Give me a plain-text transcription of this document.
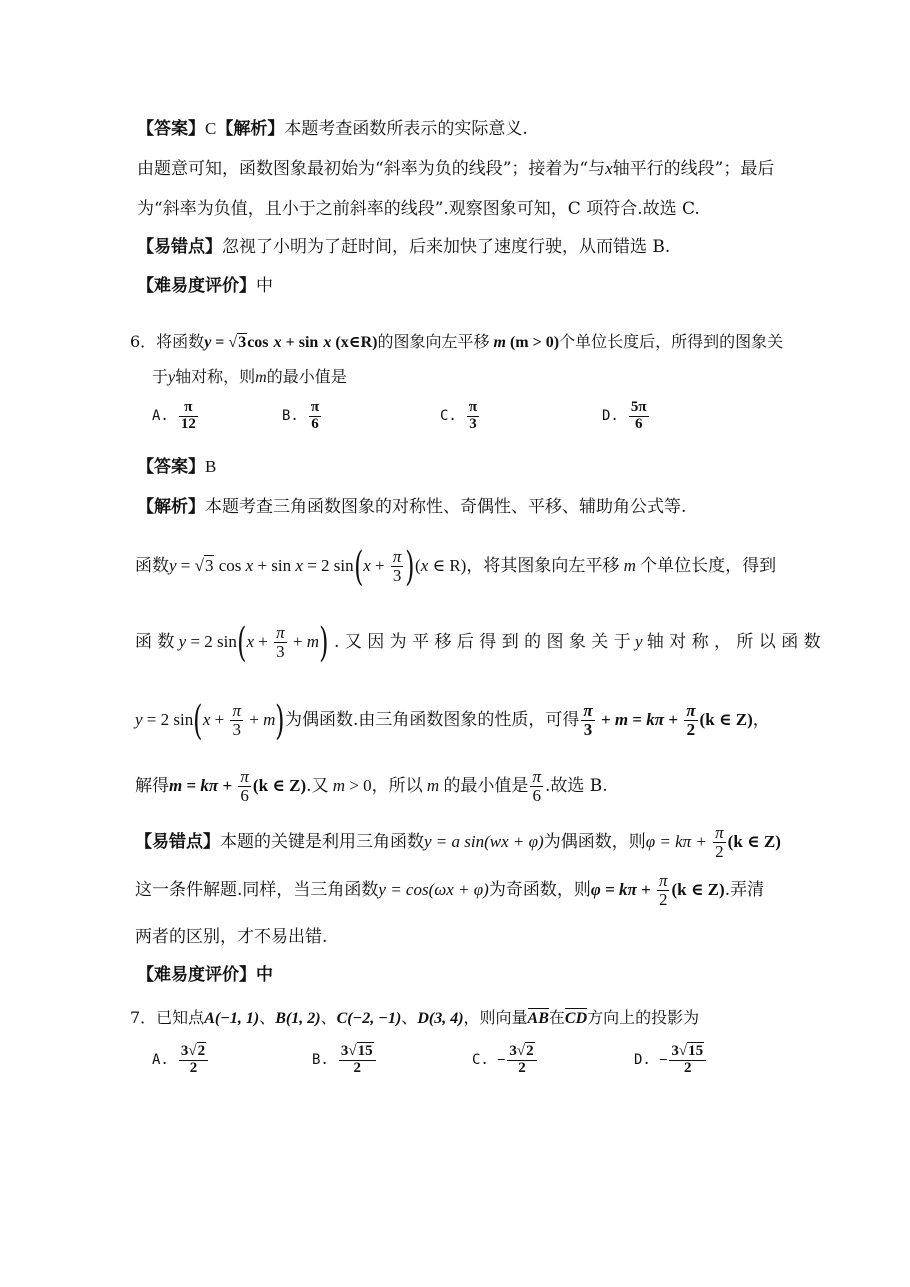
【答案】C【解析】本题考查函数所表示的实际意义.
由题意可知，函数图象最初始为“斜率为负的线段”；接着为“与x轴平行的线段”；最后
为“斜率为负值，且小于之前斜率的线段”.观察图象可知，C 项符合.故选 C.
【易错点】忽视了小明为了赶时间，后来加快了速度行驶，从而错选 B.
【难易度评价】中
6．将函数y = √3cos x + sin x (x∈R)的图象向左平移 m (m > 0)个单位长度后，所得到的图象关
于y轴对称，则m的最小值是
A. $\frac{\pi}{12}$	B. $\frac{\pi}{6}$	C. $\frac{\pi}{3}$	D. $\frac{5\pi}{6}$
【答案】B
【解析】本题考查三角函数图象的对称性、奇偶性、平移、辅助角公式等.
函数y = √3 cos x + sin x = 2 $\sin(x + \frac{\pi}{3} )(x$ ∈ R)，将其图象向左平移 m 个单位长度，得到
函 数 y = 2 $\sin(x + \frac{\pi}{3} + m)$ . 又 因 为 平 移 后 得 到 的 图 象 关 于 y 轴 对 称 ， 所 以 函 数
y = 2 $\sin(x + \frac{\pi}{3} + m)$为偶函数.由三角函数图象的性质，可得 $\frac{\pi}{3} + m = k\pi + \frac{\pi}{2} (k$ ∈ Z)，
解得$m = k\pi + \frac{\pi}{6} (k$ ∈ Z).又 m > 0，所以 m 的最小值是 $\frac{\pi}{6}$ .故选 B.
【易错点】本题的关键是利用三角函数y = a sin(wx + φ)为偶函数，则$\varphi = k\pi + \frac{\pi}{2} (k$ ∈ Z)
这一条件解题.同样，当三角函数y = cos(ωx + φ)为奇函数，则$\varphi = k\pi + \frac{\pi}{2} (k$ ∈ Z).弄清
两者的区别，才不易出错.
【难易度评价】中
7．已知点A(−1, 1)、B(1, 2)、C(−2, −1)、D(3, 4)，则向量AB在CD方向上的投影为
A. $\frac{3√2}{2}$	B. $\frac{3√15}{2}$	C. − $\frac{3√2}{2}$	D. − $\frac{3√15}{2}$
